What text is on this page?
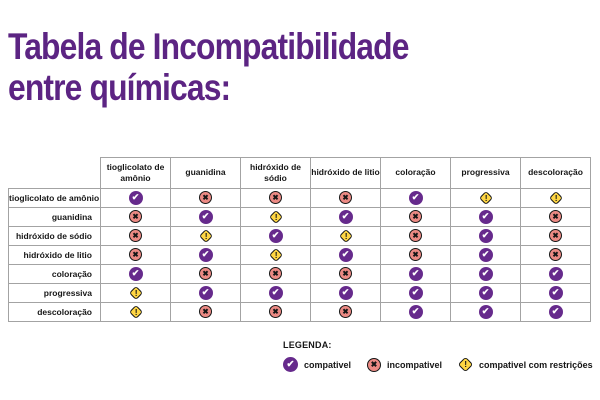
Tabela de Incompatibilidade
entre químicas:
	tioglicolato de amônio	guanidina	hidróxido de sódio	hidróxido de litio	coloração	progressiva	descoloração
tioglicolato de amônio	✔	✖	✖	✖	✔	!	!

guanidina	✖	✔	!	✔	✖	✔	✖
hidróxido de sódio	✖	!	✔	!	✖	✔	✖
hidróxido de litio	✖	✔	!	✔	✖	✔	✖
coloração	✔	✖	✖	✖	✔	✔	✔
progressiva	!	✔	✔	✔	✔	✔	✔
descoloração	!	✖	✖	✖	✔	✔	✔
LEGENDA:
✔	compativel	✖	incompativel	! compativel com restrições
